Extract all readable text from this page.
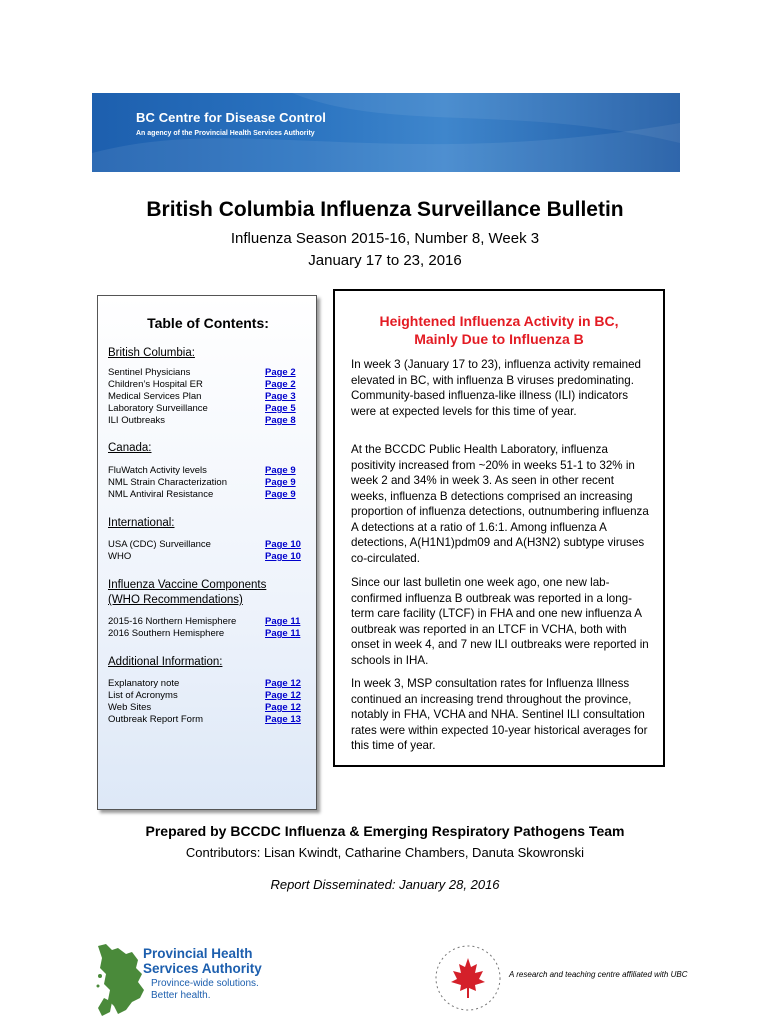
BC Centre for Disease Control
An agency of the Provincial Health Services Authority
British Columbia Influenza Surveillance Bulletin
Influenza Season 2015-16, Number 8, Week 3
January 17 to 23, 2016
Table of Contents:
British Columbia:
Sentinel Physicians	Page 2
Children’s Hospital ER	Page 2
Medical Services Plan	Page 3
Laboratory Surveillance	Page 5
ILI Outbreaks	Page 8
Canada:
FluWatch Activity levels	Page 9
NML Strain Characterization	Page 9
NML Antiviral Resistance	Page 9
International:
USA (CDC) Surveillance	Page 10
WHO	Page 10
Influenza Vaccine Components
(WHO Recommendations)
2015-16 Northern Hemisphere	Page 11
2016 Southern Hemisphere	Page 11
Additional Information:
Explanatory note	Page 12
List of Acronyms	Page 12
Web Sites	Page 12
Outbreak Report Form	Page 13
Heightened Influenza Activity in BC,
Mainly Due to Influenza B
In week 3 (January 17 to 23), influenza activity remained elevated in BC, with influenza B viruses predominating. Community-based influenza-like illness (ILI) indicators were at expected levels for this time of year.
At the BCCDC Public Health Laboratory, influenza positivity increased from ~20% in weeks 51-1 to 32% in week 2 and 34% in week 3. As seen in other recent weeks, influenza B detections comprised an increasing proportion of influenza detections, outnumbering influenza A detections at a ratio of 1.6:1. Among influenza A detections, A(H1N1)pdm09 and A(H3N2) subtype viruses co-circulated.
Since our last bulletin one week ago, one new lab-confirmed influenza B outbreak was reported in a long-term care facility (LTCF) in FHA and one new influenza A outbreak was reported in an LTCF in VCHA, both with onset in week 4, and 7 new ILI outbreaks were reported in schools in IHA.
In week 3, MSP consultation rates for Influenza Illness continued an increasing trend throughout the province, notably in FHA, VCHA and NHA. Sentinel ILI consultation rates were within expected 10-year historical averages for this time of year.
Prepared by BCCDC Influenza & Emerging Respiratory Pathogens Team
Contributors: Lisan Kwindt, Catharine Chambers, Danuta Skowronski
Report Disseminated: January 28, 2016
Provincial Health
Services Authority
Province-wide solutions.
Better health.
A research and teaching centre affiliated with UBC
